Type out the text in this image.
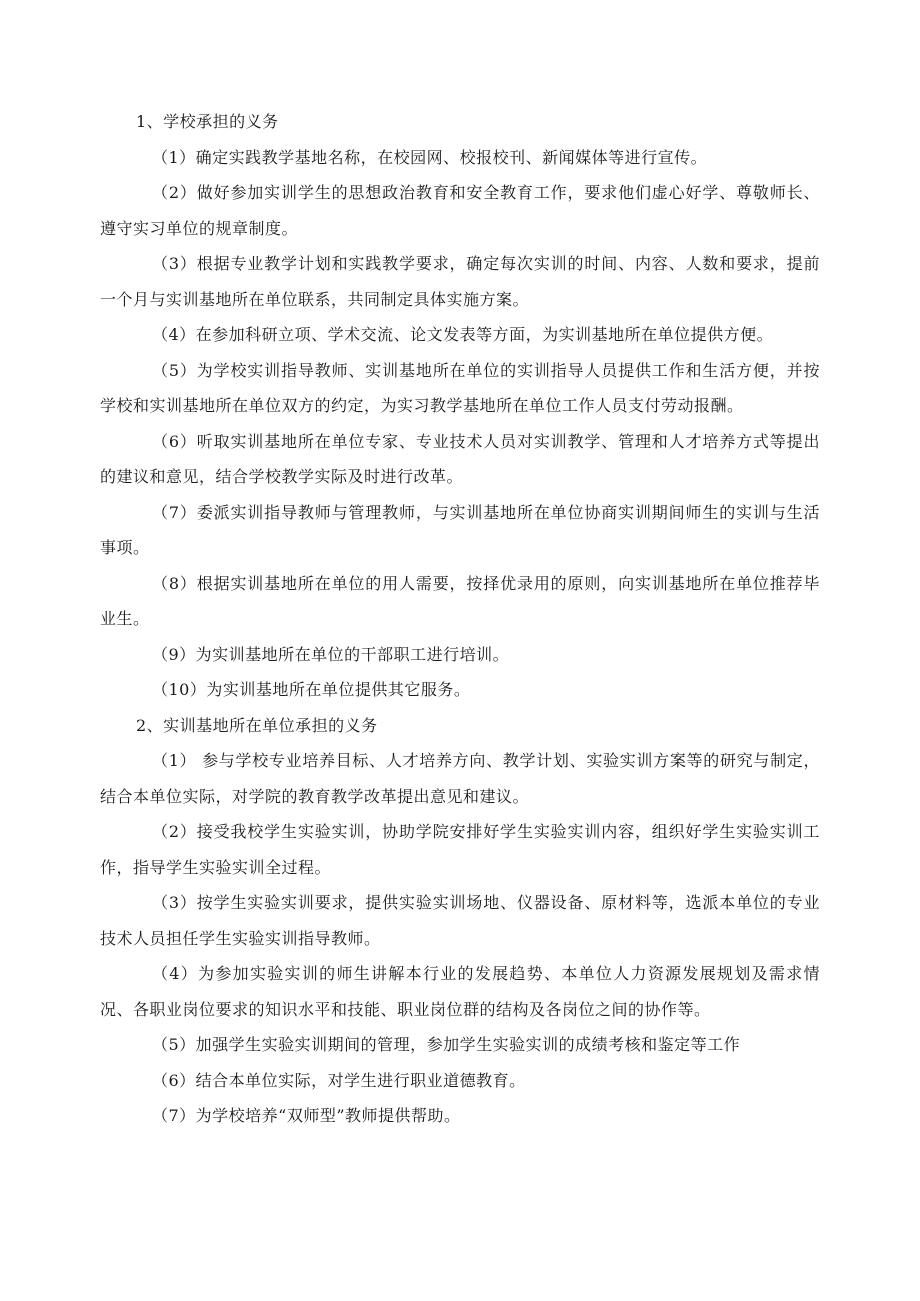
1、学校承担的义务

（1）确定实践教学基地名称，在校园网、校报校刊、新闻媒体等进行宣传。

（2）做好参加实训学生的思想政治教育和安全教育工作，要求他们虚心好学、尊敬师长、遵守实习单位的规章制度。

（3）根据专业教学计划和实践教学要求，确定每次实训的时间、内容、人数和要求，提前一个月与实训基地所在单位联系，共同制定具体实施方案。

（4）在参加科研立项、学术交流、论文发表等方面，为实训基地所在单位提供方便。

（5）为学校实训指导教师、实训基地所在单位的实训指导人员提供工作和生活方便，并按学校和实训基地所在单位双方的约定，为实习教学基地所在单位工作人员支付劳动报酬。

（6）听取实训基地所在单位专家、专业技术人员对实训教学、管理和人才培养方式等提出的建议和意见，结合学校教学实际及时进行改革。

（7）委派实训指导教师与管理教师，与实训基地所在单位协商实训期间师生的实训与生活事项。

（8）根据实训基地所在单位的用人需要，按择优录用的原则，向实训基地所在单位推荐毕业生。

（9）为实训基地所在单位的干部职工进行培训。

（10）为实训基地所在单位提供其它服务。

2、实训基地所在单位承担的义务

（1） 参与学校专业培养目标、人才培养方向、教学计划、实验实训方案等的研究与制定，结合本单位实际，对学院的教育教学改革提出意见和建议。

（2）接受我校学生实验实训，协助学院安排好学生实验实训内容，组织好学生实验实训工作，指导学生实验实训全过程。

（3）按学生实验实训要求，提供实验实训场地、仪器设备、原材料等，选派本单位的专业技术人员担任学生实验实训指导教师。

（4）为参加实验实训的师生讲解本行业的发展趋势、本单位人力资源发展规划及需求情况、各职业岗位要求的知识水平和技能、职业岗位群的结构及各岗位之间的协作等。

（5）加强学生实验实训期间的管理，参加学生实验实训的成绩考核和鉴定等工作

（6）结合本单位实际，对学生进行职业道德教育。

（7）为学校培养“双师型”教师提供帮助。
